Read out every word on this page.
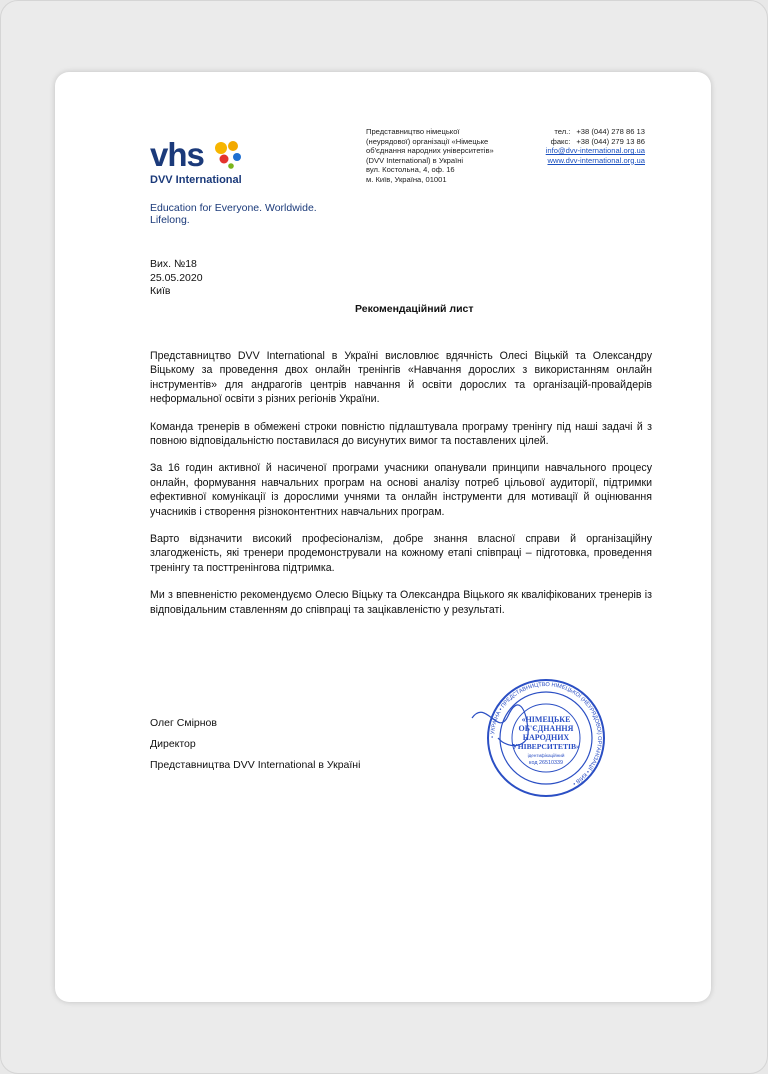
vhs
DVV International
Education for Everyone. Worldwide. Lifelong.
Представництво німецької
(неурядової) організації «Німецьке
об'єднання народних університетів»
(DVV International) в Україні
вул. Костольна, 4, оф. 16
м. Київ, Україна, 01001
тел.: +38 (044) 278 86 13
факс: +38 (044) 279 13 86
info@dvv-international.org.ua
www.dvv-international.org.ua
Вих. №18
25.05.2020
Київ
Рекомендаційний лист

Представництво DVV International в Україні висловлює вдячність Олесі Віцькій та Олександру Віцькому за проведення двох онлайн тренінгів «Навчання дорослих з використанням онлайн інструментів» для андрагогів центрів навчання й освіти дорослих та організацій-провайдерів неформальної освіти з різних регіонів України.

Команда тренерів в обмежені строки повністю підлаштувала програму тренінгу під наші задачі й з повною відповідальністю поставилася до висунутих вимог та поставлених цілей.

За 16 годин активної й насиченої програми учасники опанували принципи навчального процесу онлайн, формування навчальних програм на основі аналізу потреб цільової аудиторії, підтримки ефективної комунікації із дорослими учнями та онлайн інструменти для мотивації й оцінювання учасників і створення різноконтентних навчальних програм.

Варто відзначити високий професіоналізм, добре знання власної справи й організаційну злагодженість, які тренери продемонстрували на кожному етапі співпраці – підготовка, проведення тренінгу та посттренінгова підтримка.

Ми з впевненістю рекомендуємо Олесю Віцьку та Олександра Віцького як кваліфікованих тренерів із відповідальним ставленням до співпраці та зацікавленістю у результаті.

Олег Смірнов
Директор
Представництва DVV International в Україні
• УКРАЇНА • ПРЕДСТАВНИЦТВО НІМЕЦЬКОЇ (НЕУРЯДОВОЇ) ОРГАНІЗАЦІЇ • КИЇВ •
«НІМЕЦЬКЕ
ОБ'ЄДНАННЯ
НАРОДНИХ
УНІВЕРСИТЕТІВ»
ідентифікаційний
код 26510339
